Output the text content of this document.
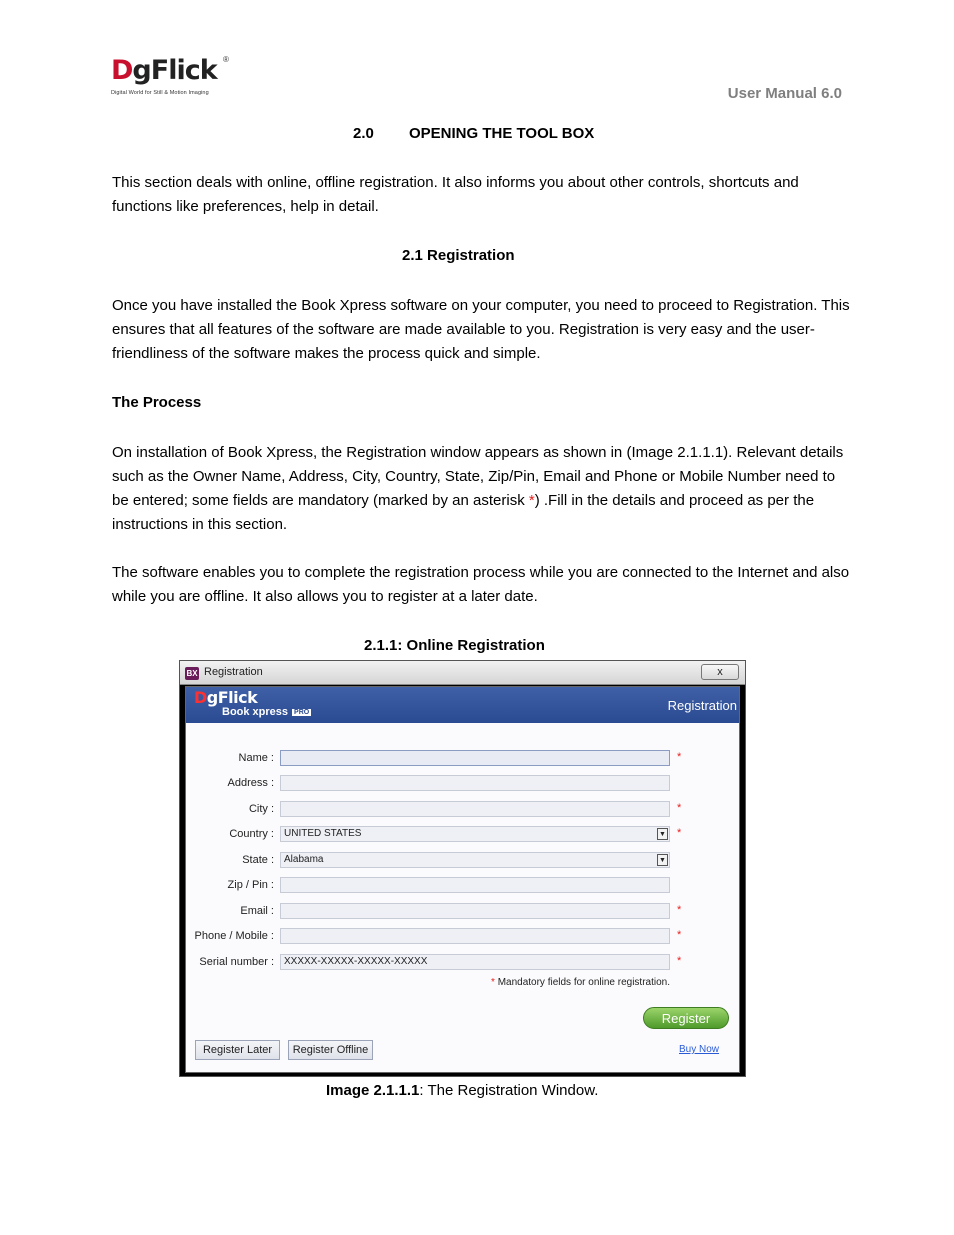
DgFlick ®
Digital World for Still & Motion Imaging	User Manual 6.0
2.0 OPENING THE TOOL BOX
This section deals with online, offline registration. It also informs you about other controls, shortcuts and functions like preferences, help in detail.
2.1 Registration
Once you have installed the Book Xpress software on your computer, you need to proceed to Registration. This ensures that all features of the software are made available to you. Registration is very easy and the user-friendliness of the software makes the process quick and simple.
The Process
On installation of Book Xpress, the Registration window appears as shown in (Image 2.1.1.1). Relevant details such as the Owner Name, Address, City, Country, State, Zip/Pin, Email and Phone or Mobile Number need to be entered; some fields are mandatory (marked by an asterisk *) .Fill in the details and proceed as per the instructions in this section.
The software enables you to complete the registration process while you are connected to the Internet and also while you are offline. It also allows you to register at a later date.
2.1.1: Online Registration
BX Registration	x
DgFlick
Book xpress PRO	Registration
Name :	*
Address :
City :	*
Country :	UNITED STATES	▼ *
State :	Alabama	▼
Zip / Pin :
Email :	*
Phone / Mobile :	*
Serial number :	XXXXX-XXXXX-XXXXX-XXXXX	*
* Mandatory fields for online registration.
Register
Register Later	Register Offline	Buy Now
Image 2.1.1.1: The Registration Window.
